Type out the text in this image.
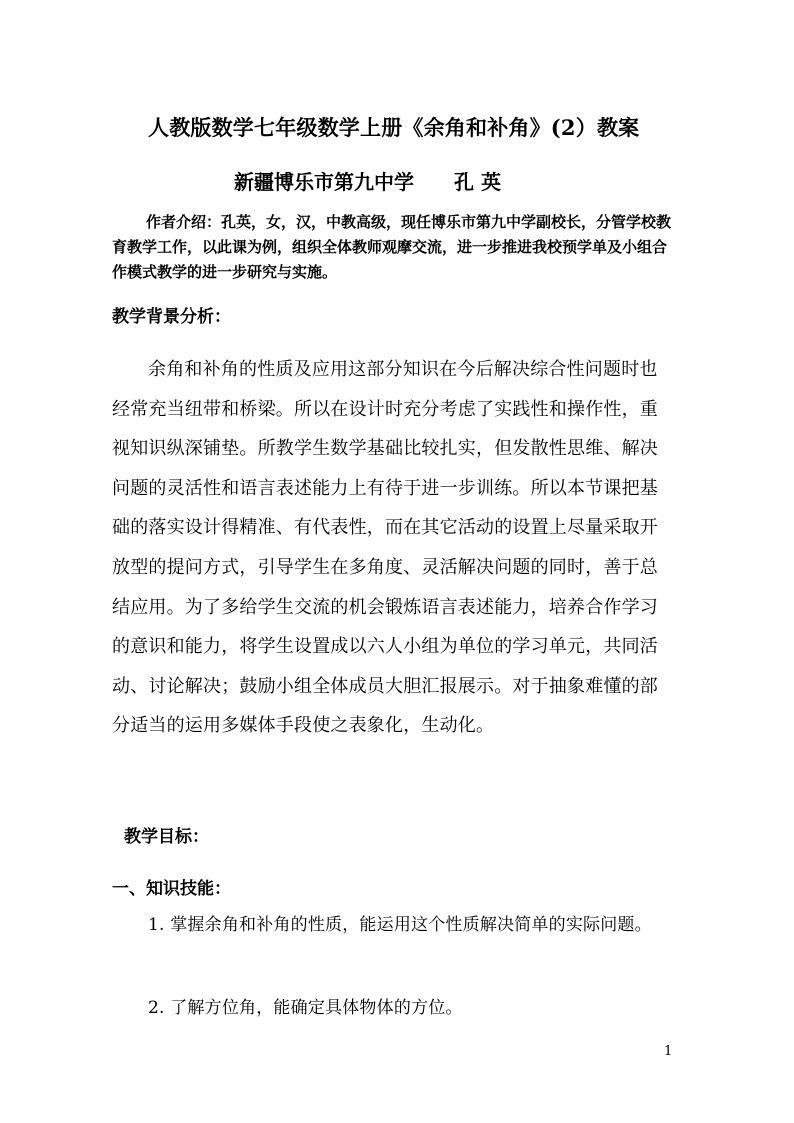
人教版数学七年级数学上册《余角和补角》(2）教案
新疆博乐市第九中学 孔 英
作者介绍：孔英，女，汉，中教高级，现任博乐市第九中学副校长，分管学校教育教学工作，以此课为例，组织全体教师观摩交流，进一步推进我校预学单及小组合作模式教学的进一步研究与实施。
教学背景分析：
余角和补角的性质及应用这部分知识在今后解决综合性问题时也经常充当纽带和桥梁。所以在设计时充分考虑了实践性和操作性，重视知识纵深铺垫。所教学生数学基础比较扎实，但发散性思维、解决问题的灵活性和语言表述能力上有待于进一步训练。所以本节课把基础的落实设计得精准、有代表性，而在其它活动的设置上尽量采取开放型的提问方式，引导学生在多角度、灵活解决问题的同时，善于总结应用。为了多给学生交流的机会锻炼语言表述能力，培养合作学习的意识和能力，将学生设置成以六人小组为单位的学习单元，共同活动、讨论解决；鼓励小组全体成员大胆汇报展示。对于抽象难懂的部分适当的运用多媒体手段使之表象化，生动化。
教学目标：
一、知识技能：
1. 掌握余角和补角的性质，能运用这个性质解决简单的实际问题。
2. 了解方位角，能确定具体物体的方位。
1
